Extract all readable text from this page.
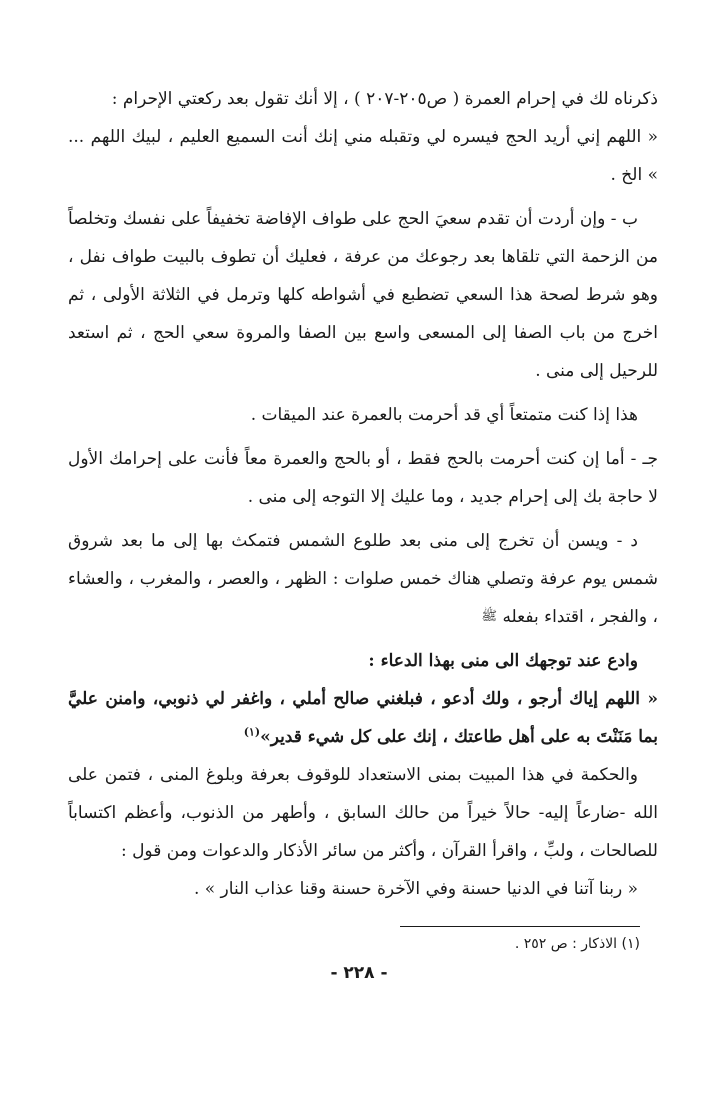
ذكرناه لك في إحرام العمرة ( ص٢٠٥-٢٠٧ ) ، إلا أنك تقول بعد ركعتي الإحرام :

« اللهم إني أريد الحج فيسره لي وتقبله مني إنك أنت السميع العليم ، لبيك اللهم ... » الخ .

ب - وإن أردت أن تقدم سعيَ الحج على طواف الإفاضة تخفيفاً على نفسك وتخلصاً من الزحمة التي تلقاها بعد رجوعك من عرفة ، فعليك أن تطوف بالبيت طواف نفل ، وهو شرط لصحة هذا السعي تضطبع في أشواطه كلها وترمل في الثلاثة الأولى ، ثم اخرج من باب الصفا إلى المسعى واسع بين الصفا والمروة سعي الحج ، ثم استعد للرحيل إلى منى .

هذا إذا كنت متمتعاً أي قد أحرمت بالعمرة عند الميقات .

جـ - أما إن كنت أحرمت بالحج فقط ، أو بالحج والعمرة معاً فأنت على إحرامك الأول لا حاجة بك إلى إحرام جديد ، وما عليك إلا التوجه إلى منى .

د - ويسن أن تخرج إلى منى بعد طلوع الشمس فتمكث بها إلى ما بعد شروق شمس يوم عرفة وتصلي هناك خمس صلوات : الظهر ، والعصر ، والمغرب ، والعشاء ، والفجر ، اقتداء بفعله $^ﷺ$

وادع عند توجهك الى منى بهذا الدعاء :

« اللهم إياك أرجو ، ولك أدعو ، فبلغني صالح أملي ، واغفر لي ذنوبي، وامنن عليَّ بما مَنَنْتَ به على أهل طاعتك ، إنك على كل شيء قدير»$^{(١)}$

والحكمة في هذا المبيت بمنى الاستعداد للوقوف بعرفة وبلوغ المنى ، فتمن على الله -ضارعاً إليه- حالاً خيراً من حالك السابق ، وأطهر من الذنوب، وأعظم اكتساباً للصالحات ، ولبِّ ، واقرأ القرآن ، وأكثر من سائر الأذكار والدعوات ومن قول :

« ربنا آتنا في الدنيا حسنة وفي الآخرة حسنة وقنا عذاب النار » .

(١) الاذكار : ص ٢٥٢ .
- ٢٢٨ -
